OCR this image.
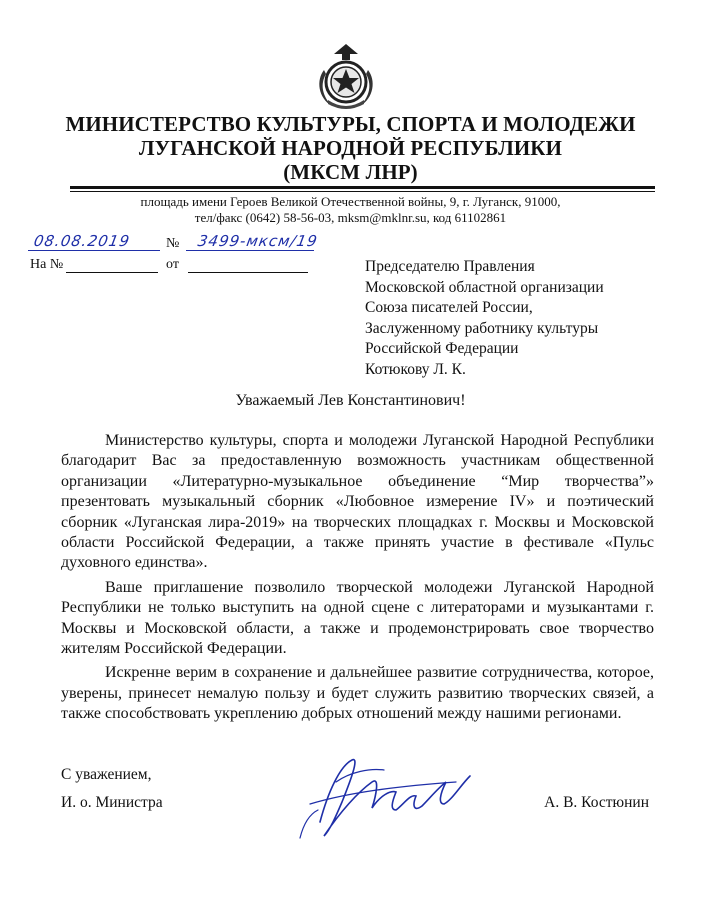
МИНИСТЕРСТВО КУЛЬТУРЫ, СПОРТА И МОЛОДЕЖИ
ЛУГАНСКОЙ НАРОДНОЙ РЕСПУБЛИКИ
(МКСМ ЛНР)
площадь имени Героев Великой Отечественной войны, 9, г. Луганск, 91000,
тел/факс (0642) 58-56-03, mksm@mklnr.su, код 61102861
08.08.2019 № 3499-мксм/19
На №	от	Председателю Правления
Московской областной организации
Союза писателей России,
Заслуженному работнику культуры
Российской Федерации
Котюкову Л. К.
Уважаемый Лев Константинович!

Министерство культуры, спорта и молодежи Луганской Народной Республики благодарит Вас за предоставленную возможность участникам общественной организации «Литературно-музыкальное объединение “Мир творчества”» презентовать музыкальный сборник «Любовное измерение IV» и поэтический сборник «Луганская лира-2019» на творческих площадках г. Москвы и Московской области Российской Федерации, а также принять участие в фестивале «Пульс духовного единства».

Ваше приглашение позволило творческой молодежи Луганской Народной Республики не только выступить на одной сцене с литераторами и музыкантами г. Москвы и Московской области, а также и продемонстрировать свое творчество жителям Российской Федерации.

Искренне верим в сохранение и дальнейшее развитие сотрудничества, которое, уверены, принесет немалую пользу и будет служить развитию творческих связей, а также способствовать укреплению добрых отношений между нашими регионами.

С уважением,
И. о. Министра	А. В. Костюнин
